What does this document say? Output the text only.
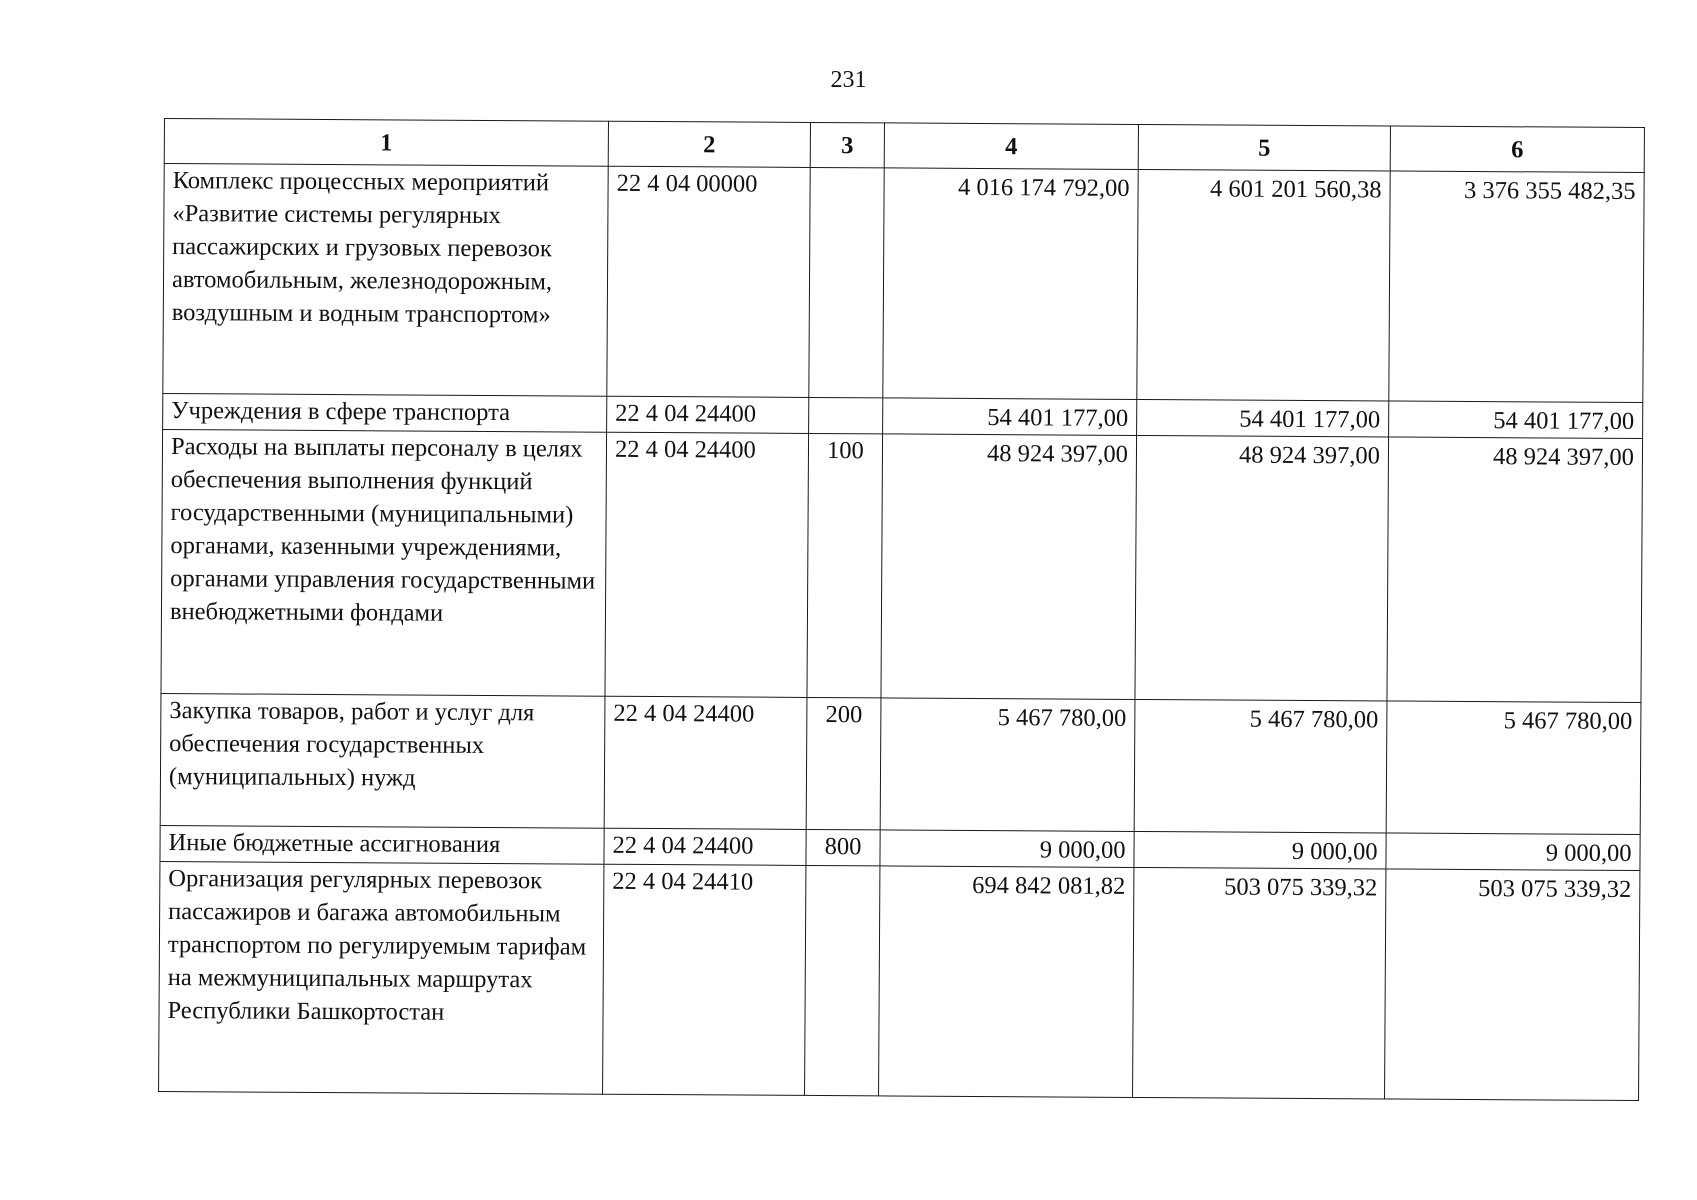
231
1	2	3	4	5	6
Комплекс процессных мероприятий «Развитие системы регулярных пассажирских и грузовых перевозок автомобильным, железнодорожным, воздушным и водным транспортом»	22 4 04 00000		4 016 174 792,00	4 601 201 560,38	3 376 355 482,35
Учреждения в сфере транспорта	22 4 04 24400		54 401 177,00	54 401 177,00	54 401 177,00
Расходы на выплаты персоналу в целях обеспечения выполнения функций государственными (муниципальными) органами, казенными учреждениями, органами управления государственными внебюджетными фондами	22 4 04 24400	100	48 924 397,00	48 924 397,00	48 924 397,00
Закупка товаров, работ и услуг для обеспечения государственных (муниципальных) нужд	22 4 04 24400	200	5 467 780,00	5 467 780,00	5 467 780,00
Иные бюджетные ассигнования	22 4 04 24400	800	9 000,00	9 000,00	9 000,00
Организация регулярных перевозок пассажиров и багажа автомобильным транспортом по регулируемым тарифам на межмуниципальных маршрутах Республики Башкортостан	22 4 04 24410		694 842 081,82	503 075 339,32	503 075 339,32
